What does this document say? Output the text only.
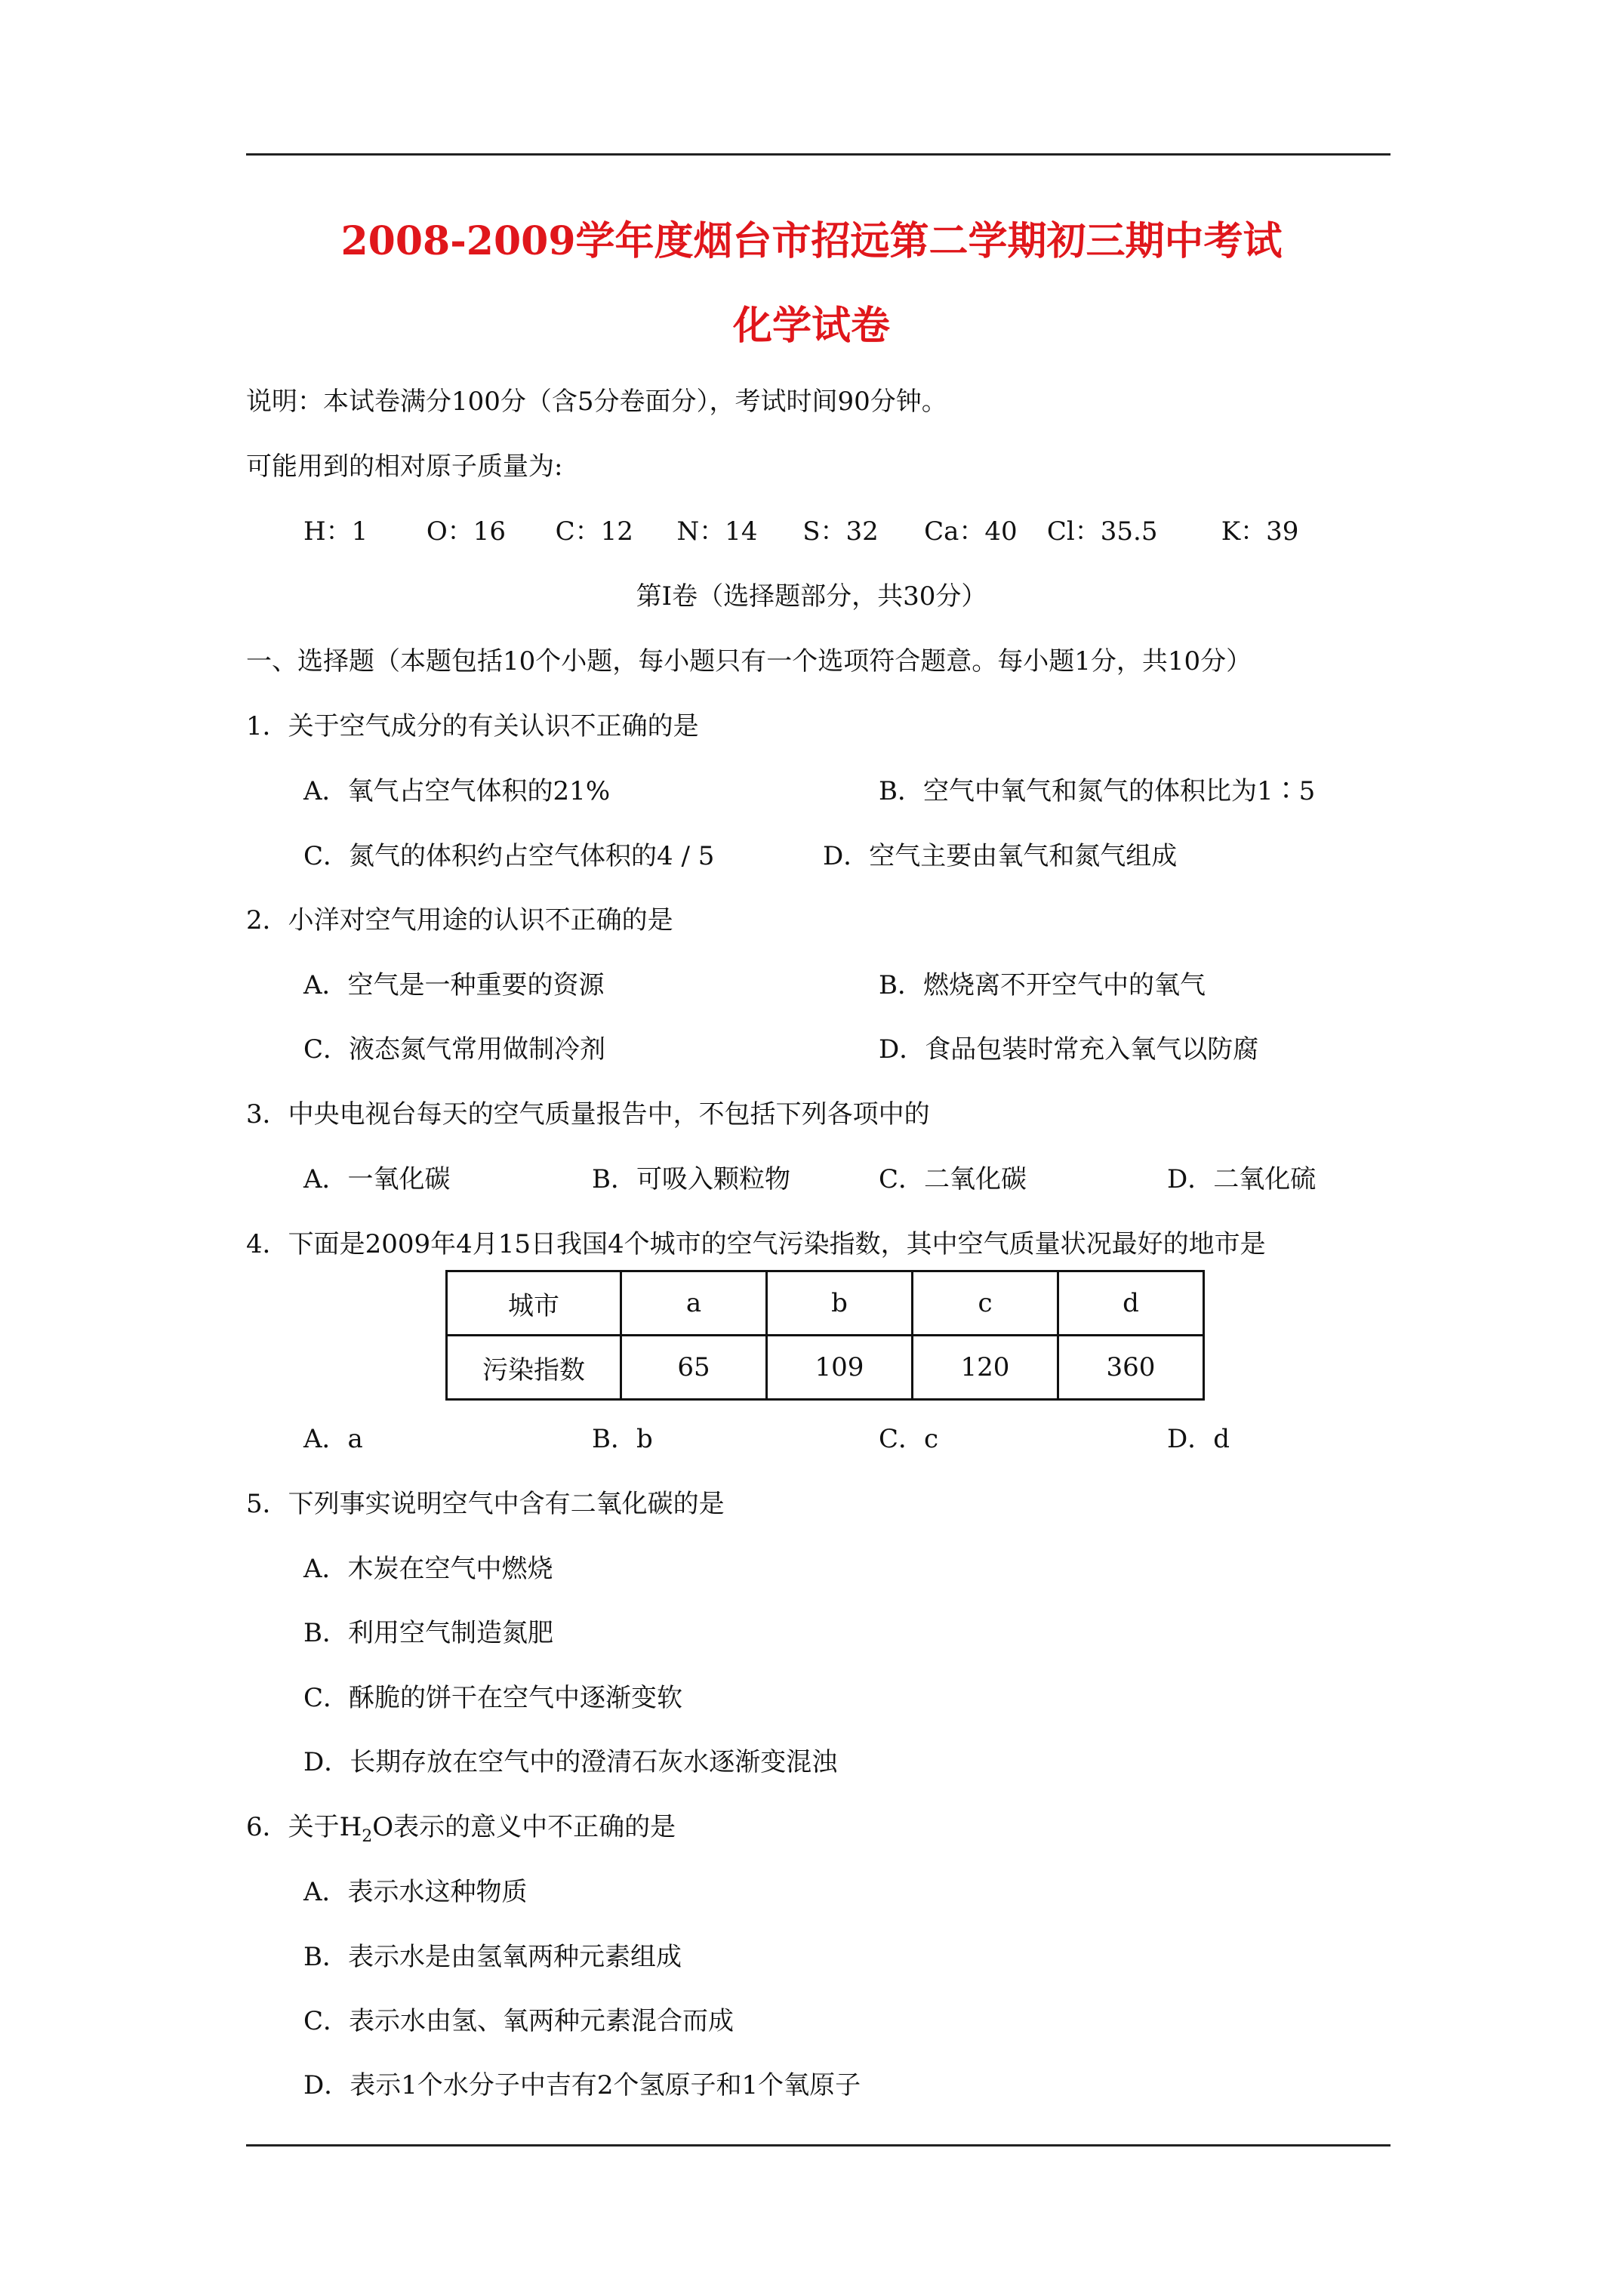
2008-2009学年度烟台市招远第二学期初三期中考试
化学试卷
说明：本试卷满分100分（含5分卷面分），考试时间90分钟。
可能用到的相对原子质量为:
H：1 O：16 C：12 N：14 S：32 Ca：40 Cl：35.5 K：39
第Ⅰ卷（选择题部分，共30分）
一、选择题（本题包括10个小题，每小题只有一个选项符合题意。每小题1分，共10分）
1．关于空气成分的有关认识不正确的是
A．氧气占空气体积的21%	B．空气中氧气和氮气的体积比为1∶5
C．氮气的体积约占空气体积的4 / 5	D．空气主要由氧气和氮气组成
2．小洋对空气用途的认识不正确的是
A．空气是一种重要的资源	B．燃烧离不开空气中的氧气
C．液态氮气常用做制冷剂	D．食品包装时常充入氧气以防腐
3．中央电视台每天的空气质量报告中，不包括下列各项中的
A．一氧化碳	B．可吸入颗粒物	C．二氧化碳	D．二氧化硫
4．下面是2009年4月15日我国4个城市的空气污染指数，其中空气质量状况最好的地市是
城市	a	b	c	d
污染指数	65	109	120	360
A．a	B．b	C．c	D．d
5．下列事实说明空气中含有二氧化碳的是
A．木炭在空气中燃烧
B．利用空气制造氮肥
C．酥脆的饼干在空气中逐渐变软
D．长期存放在空气中的澄清石灰水逐渐变混浊
6．关于$H_2O$表示的意义中不正确的是
A．表示水这种物质
B．表示水是由氢氧两种元素组成
C．表示水由氢、氧两种元素混合而成
D．表示1个水分子中吉有2个氢原子和1个氧原子
